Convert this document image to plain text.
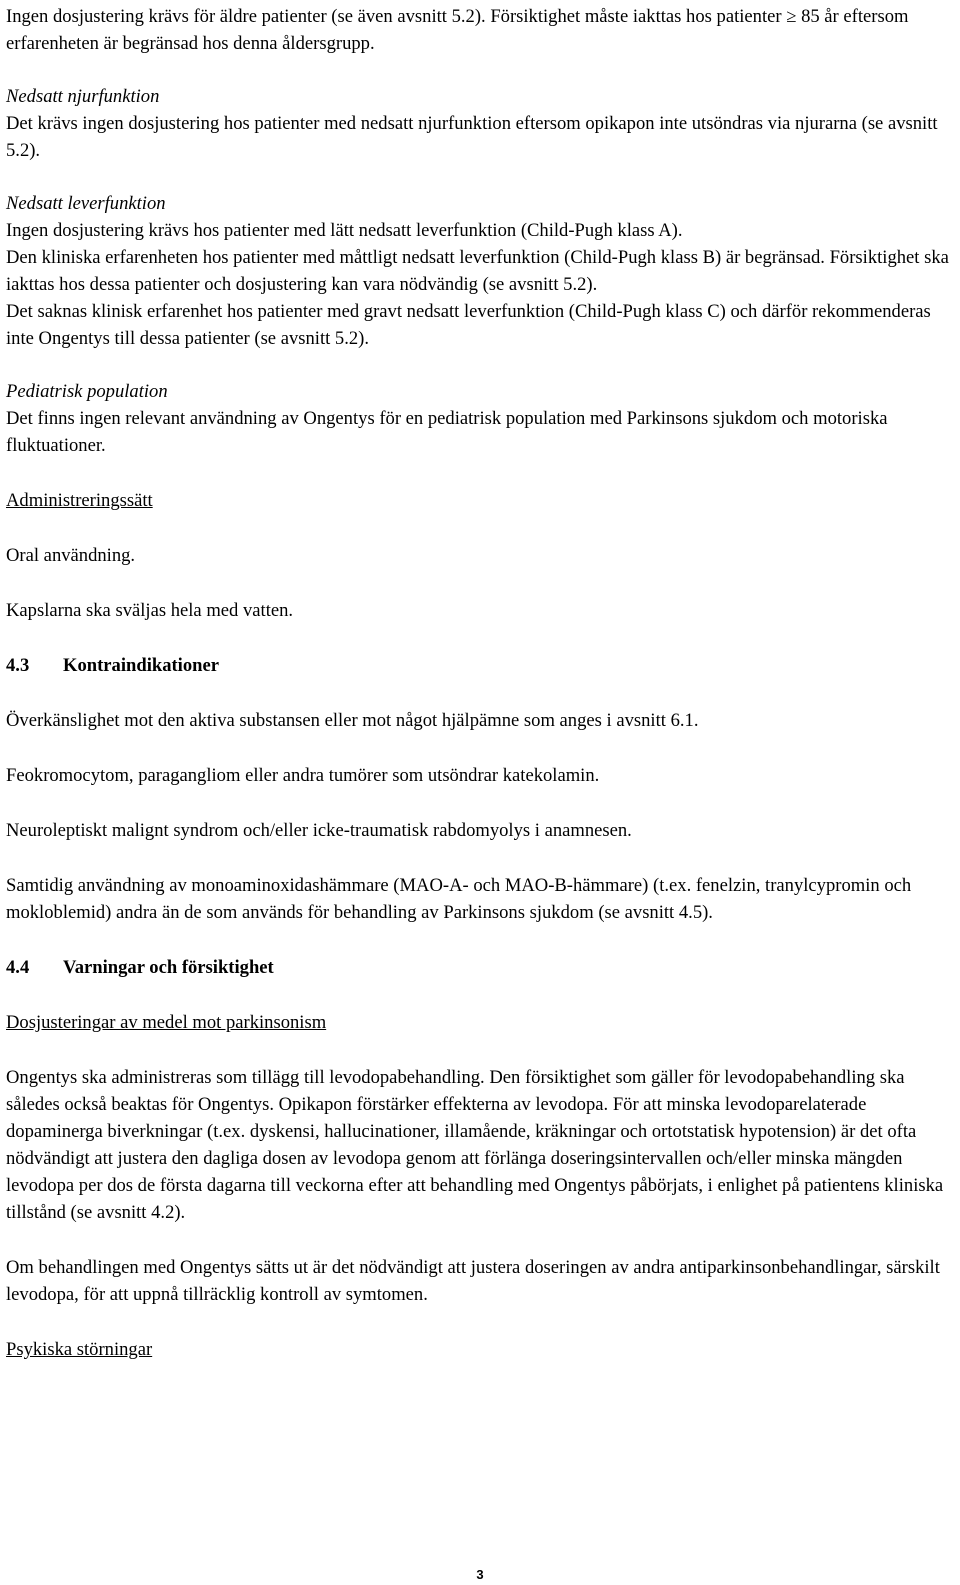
Ingen dosjustering krävs för äldre patienter (se även avsnitt 5.2). Försiktighet måste iakttas hos patienter ≥ 85 år eftersom erfarenheten är begränsad hos denna åldersgrupp.

Nedsatt njurfunktion

Det krävs ingen dosjustering hos patienter med nedsatt njurfunktion eftersom opikapon inte utsöndras via njurarna (se avsnitt 5.2).

Nedsatt leverfunktion

Ingen dosjustering krävs hos patienter med lätt nedsatt leverfunktion (Child-Pugh klass A).

Den kliniska erfarenheten hos patienter med måttligt nedsatt leverfunktion (Child-Pugh klass B) är begränsad. Försiktighet ska iakttas hos dessa patienter och dosjustering kan vara nödvändig (se avsnitt 5.2).

Det saknas klinisk erfarenhet hos patienter med gravt nedsatt leverfunktion (Child-Pugh klass C) och därför rekommenderas inte Ongentys till dessa patienter (se avsnitt 5.2).

Pediatrisk population

Det finns ingen relevant användning av Ongentys för en pediatrisk population med Parkinsons sjukdom och motoriska fluktuationer.

Administreringssätt

Oral användning.

Kapslarna ska sväljas hela med vatten.

4.3 Kontraindikationer

Överkänslighet mot den aktiva substansen eller mot något hjälpämne som anges i avsnitt 6.1.

Feokromocytom, paragangliom eller andra tumörer som utsöndrar katekolamin.

Neuroleptiskt malignt syndrom och/eller icke-traumatisk rabdomyolys i anamnesen.

Samtidig användning av monoaminoxidashämmare (MAO-A- och MAO-B-hämmare) (t.ex. fenelzin, tranylcypromin och mokloblemid) andra än de som används för behandling av Parkinsons sjukdom (se avsnitt 4.5).

4.4 Varningar och försiktighet

Dosjusteringar av medel mot parkinsonism

Ongentys ska administreras som tillägg till levodopabehandling. Den försiktighet som gäller för levodopabehandling ska således också beaktas för Ongentys. Opikapon förstärker effekterna av levodopa. För att minska levodoparelaterade dopaminerga biverkningar (t.ex. dyskensi, hallucinationer, illamående, kräkningar och ortotstatisk hypotension) är det ofta nödvändigt att justera den dagliga dosen av levodopa genom att förlänga doseringsintervallen och/eller minska mängden levodopa per dos de första dagarna till veckorna efter att behandling med Ongentys påbörjats, i enlighet på patientens kliniska tillstånd (se avsnitt 4.2).

Om behandlingen med Ongentys sätts ut är det nödvändigt att justera doseringen av andra antiparkinsonbehandlingar, särskilt levodopa, för att uppnå tillräcklig kontroll av symtomen.

Psykiska störningar

3
